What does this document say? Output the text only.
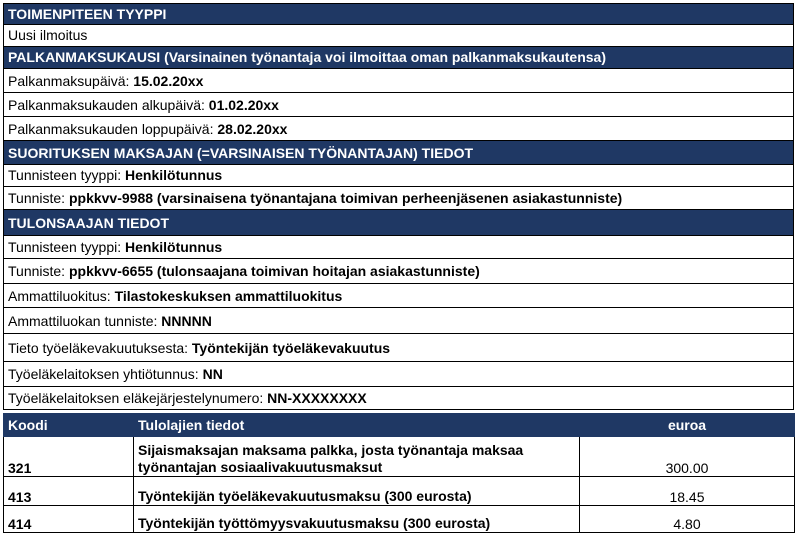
TOIMENPITEEN TYYPPI
Uusi ilmoitus
PALKANMAKSUKAUSI (Varsinainen työnantaja voi ilmoittaa oman palkanmaksukautensa)
Palkanmaksupäivä: 15.02.20xx
Palkanmaksukauden alkupäivä: 01.02.20xx
Palkanmaksukauden loppupäivä: 28.02.20xx
SUORITUKSEN MAKSAJAN (=VARSINAISEN TYÖNANTAJAN) TIEDOT
Tunnisteen tyyppi: Henkilötunnus
Tunniste: ppkkvv-9988 (varsinaisena työnantajana toimivan perheenjäsenen asiakastunniste)
TULONSAAJAN TIEDOT
Tunnisteen tyyppi: Henkilötunnus
Tunniste: ppkkvv-6655 (tulonsaajana toimivan hoitajan asiakastunniste)
Ammattiluokitus: Tilastokeskuksen ammattiluokitus
Ammattiluokan tunniste: NNNNN
Tieto työeläkevakuutuksesta: Työntekijän työeläkevakuutus
Työeläkelaitoksen yhtiötunnus: NN
Työeläkelaitoksen eläkejärjestelynumero: NN-XXXXXXXX
Koodi	Tulolajien tiedot	euroa
321	Sijaismaksajan maksama palkka, josta työnantaja maksaa työnantajan sosiaalivakuutusmaksut	300.00
413	Työntekijän työeläkevakuutusmaksu (300 eurosta)	18.45
414	Työntekijän työttömyysvakuutusmaksu (300 eurosta)	4.80
